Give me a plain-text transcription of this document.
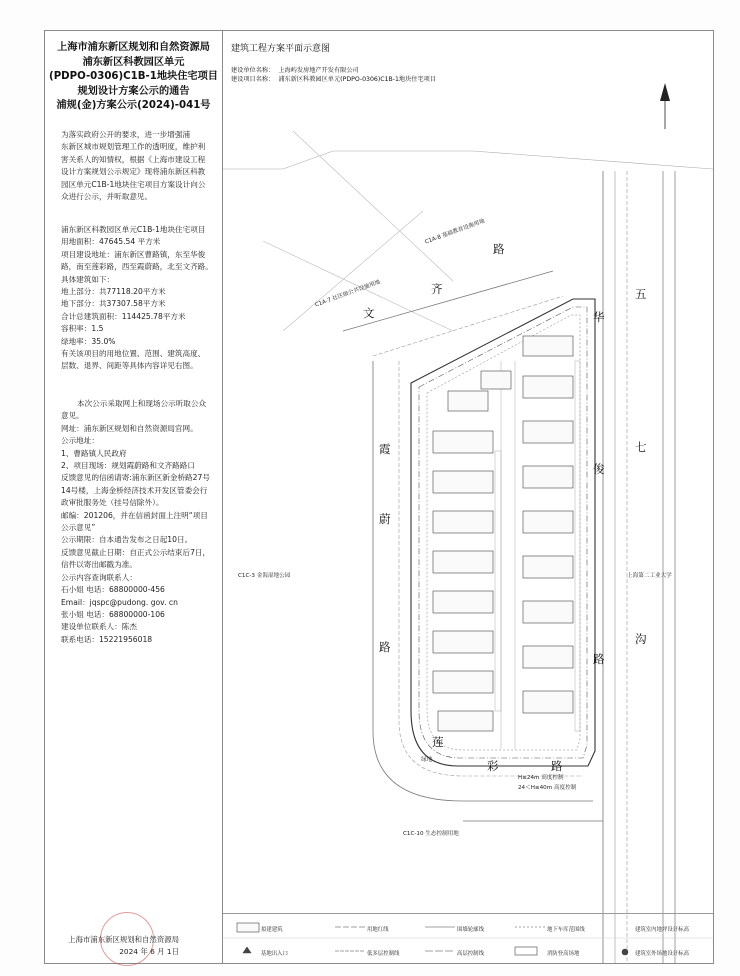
上海市浦东新区规划和自然资源局
浦东新区科教园区单元
(PDPO-0306)C1B-1地块住宅项目
规划设计方案公示的通告
浦规(金)方案公示(2024)-041号
为落实政府公开的要求，进一步增强浦
东新区城市规划管理工作的透明度，维护利
害关系人的知情权，根据《上海市建设工程
设计方案规划公示规定》现将浦东新区科教
园区单元C1B-1地块住宅项目方案设计向公
众进行公示，并听取意见。
浦东新区科教园区单元C1B-1地块住宅项目
用地面积：47645.54 平方米
项目建设地址：浦东新区曹路镇，东至华俊
路，南至莲彩路，西至霞蔚路，北至文齐路。
具体建筑如下：
地上部分：共77118.20平方米
地下部分：共37307.58平方米
合计总建筑面积：114425.78平方米
容积率：1.5
绿地率：35.0%
有关该项目的用地位置、范围、建筑高度、
层数、退界、间距等具体内容详见右图。
本次公示采取网上和现场公示听取公众
意见。
网址：浦东新区规划和自然资源局官网。
公示地址：
1、曹路镇人民政府
2、项目现场：规划霞蔚路和文齐路路口
反馈意见的信函请寄:浦东新区新金桥路27号
14号楼，上海金桥经济技术开发区管委会行
政审批服务处（挂号信除外）。
邮编：201206，并在信函封面上注明“项目
公示意见”
公示期限：自本通告发布之日起10日。
反馈意见截止日期：自正式公示结束后7日，
信件以寄出邮戳为准。
公示内容查询联系人：
石小姐 电话：68800000-456
Email：jqspc@pudong. gov. cn
张小姐 电话：68800000-106
建设单位联系人：陈杰
联系电话：15221956018
建筑工程方案平面示意图
建设单位名称： 上海屿发房地产开发有限公司
建设项目名称： 浦东新区科教园区单元(PDPO-0306)C1B-1地块住宅项目
C1A-8 基础教育设施用地
C1A-7 社区级公共设施用地
C1C-3 金海湿地公园
C1C-10 生态控制用地
上海第二工业大学
绿地
H≤24m 高度控制
24＜H≤40m 高度控制
路
齐
文	华
俊
路
五
七
沟
霞
蔚
路
莲
彩	路
拟建建筑	用地红线	围墙轮廓线	地下车库范围线	建筑室内地坪设计标高
基地出入口	低多层控制线	高层控制线	消防登高场地	建筑室外场地设计标高
上海市浦东新区规划和自然资源局
2024 年 6 月 1日
